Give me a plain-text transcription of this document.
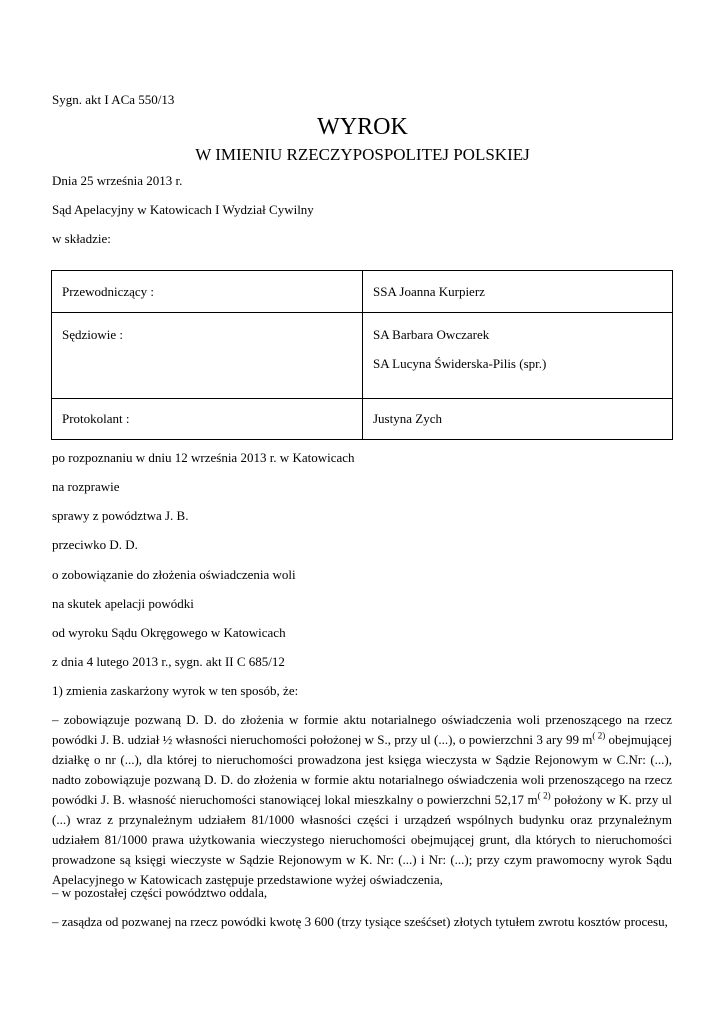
Sygn. akt I ACa 550/13
WYROK
W IMIENIU RZECZYPOSPOLITEJ POLSKIEJ
Dnia 25 września 2013 r.
Sąd Apelacyjny w Katowicach I Wydział Cywilny
w składzie:
Przewodniczący :	SSA Joanna Kurpierz
Sędziowie :	SA Barbara Owczarek
SA Lucyna Świderska-Pilis (spr.)

Protokolant :	Justyna Zych
po rozpoznaniu w dniu 12 września 2013 r. w Katowicach
na rozprawie
sprawy z powództwa J. B.
przeciwko D. D.
o zobowiązanie do złożenia oświadczenia woli
na skutek apelacji powódki
od wyroku Sądu Okręgowego w Katowicach
z dnia 4 lutego 2013 r., sygn. akt II C 685/12
1) zmienia zaskarżony wyrok w ten sposób, że:
– zobowiązuje pozwaną D. D. do złożenia w formie aktu notarialnego oświadczenia woli przenoszącego na rzecz powódki J. B. udział ½ własności nieruchomości położonej w S., przy ul (...), o powierzchni 3 ary 99 $m^{( 2)}$ obejmującej działkę o nr (...), dla której to nieruchomości prowadzona jest księga wieczysta w Sądzie Rejonowym w C.Nr: (...), nadto zobowiązuje pozwaną D. D. do złożenia w formie aktu notarialnego oświadczenia woli przenoszącego na rzecz powódki J. B. własność nieruchomości stanowiącej lokal mieszkalny o powierzchni 52,17 $m^{( 2)}$ położony w K. przy ul (...) wraz z przynależnym udziałem 81/1000 własności części i urządzeń wspólnych budynku oraz przynależnym udziałem 81/1000 prawa użytkowania wieczystego nieruchomości obejmującej grunt, dla których to nieruchomości prowadzone są księgi wieczyste w Sądzie Rejonowym w K. Nr: (...) i Nr: (...); przy czym prawomocny wyrok Sądu Apelacyjnego w Katowicach zastępuje przedstawione wyżej oświadczenia,
– w pozostałej części powództwo oddala,
– zasądza od pozwanej na rzecz powódki kwotę 3 600 (trzy tysiące sześćset) złotych tytułem zwrotu kosztów procesu,
